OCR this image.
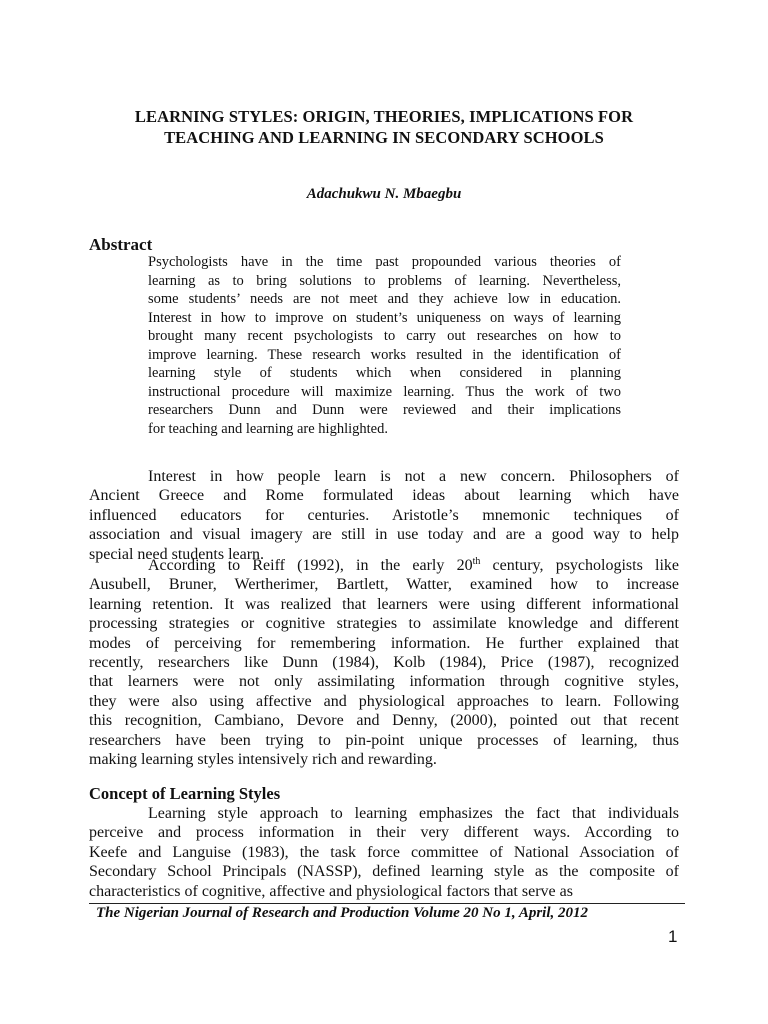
LEARNING STYLES: ORIGIN, THEORIES, IMPLICATIONS FOR
TEACHING AND LEARNING IN SECONDARY SCHOOLS
Adachukwu N. Mbaegbu
Abstract
Psychologists have in the time past propounded various theories of
learning as to bring solutions to problems of learning. Nevertheless,
some students’ needs are not meet and they achieve low in education.
Interest in how to improve on student’s uniqueness on ways of learning
brought many recent psychologists to carry out researches on how to
improve learning. These research works resulted in the identification of
learning style of students which when considered in planning
instructional procedure will maximize learning. Thus the work of two
researchers Dunn and Dunn were reviewed and their implications
for teaching and learning are highlighted.
Interest in how people learn is not a new concern. Philosophers of
Ancient Greece and Rome formulated ideas about learning which have
influenced educators for centuries. Aristotle’s mnemonic techniques of
association and visual imagery are still in use today and are a good way to help
special need students learn.
According to Reiff (1992), in the early 20th century, psychologists like
Ausubell, Bruner, Wertherimer, Bartlett, Watter, examined how to increase
learning retention. It was realized that learners were using different informational
processing strategies or cognitive strategies to assimilate knowledge and different
modes of perceiving for remembering information. He further explained that
recently, researchers like Dunn (1984), Kolb (1984), Price (1987), recognized
that learners were not only assimilating information through cognitive styles,
they were also using affective and physiological approaches to learn. Following
this recognition, Cambiano, Devore and Denny, (2000), pointed out that recent
researchers have been trying to pin-point unique processes of learning, thus
making learning styles intensively rich and rewarding.
Concept of Learning Styles
Learning style approach to learning emphasizes the fact that individuals
perceive and process information in their very different ways. According to
Keefe and Languise (1983), the task force committee of National Association of
Secondary School Principals (NASSP), defined learning style as the composite of
characteristics of cognitive, affective and physiological factors that serve as
The Nigerian Journal of Research and Production Volume 20 No 1, April, 2012
1
